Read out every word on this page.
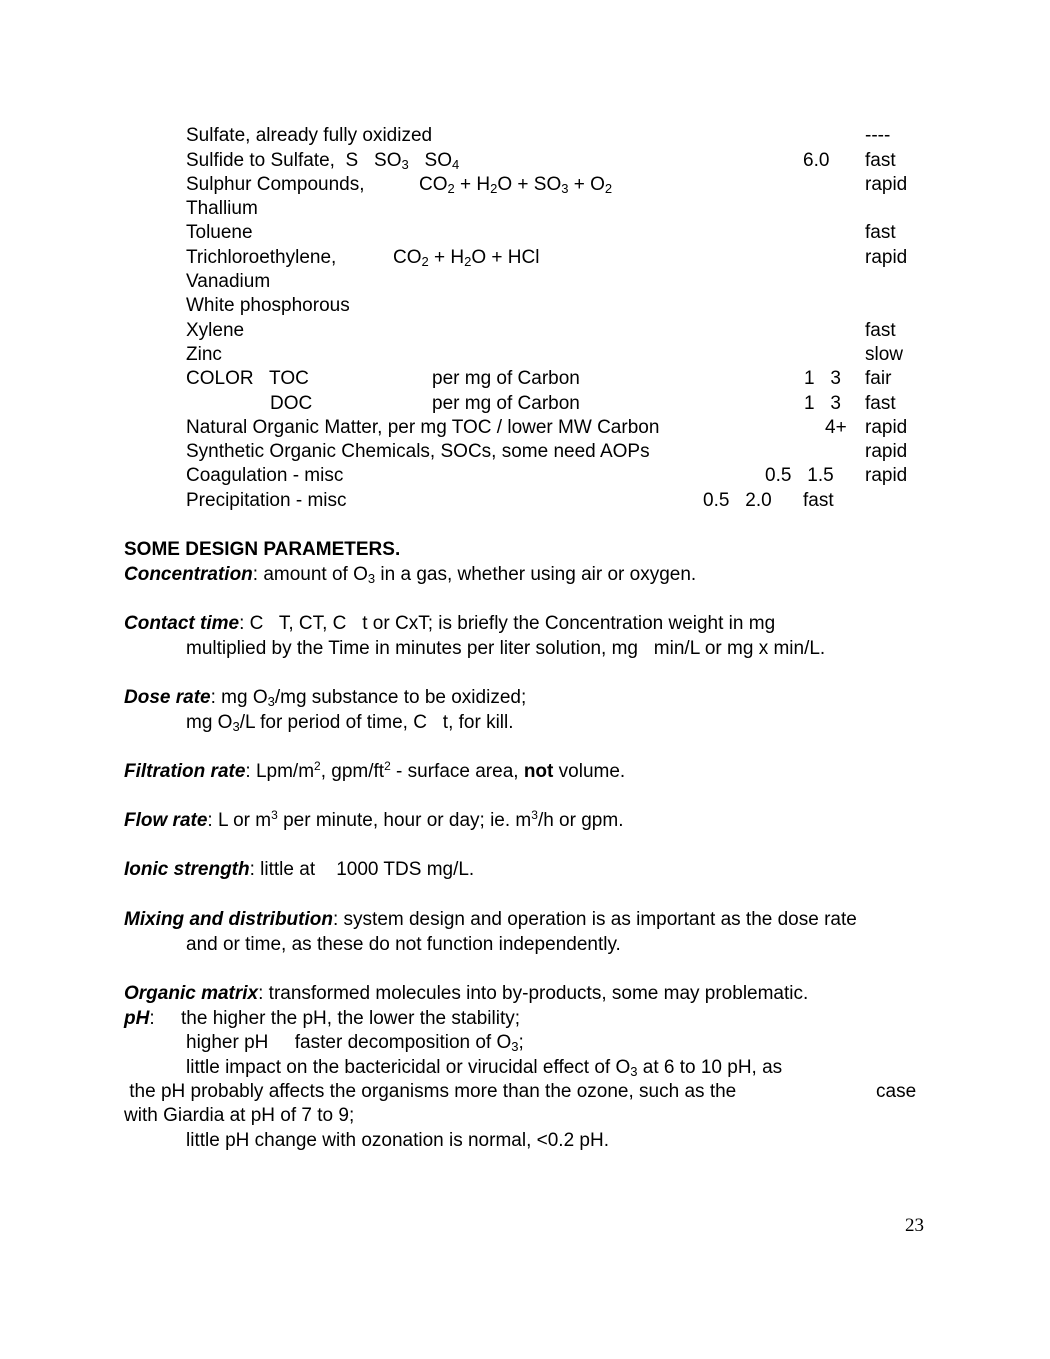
Sulfate, already fully oxidized	----
Sulfide to Sulfate,  S $SO_3$ $SO_4$	6.0 fast
Sulphur Compounds,	$CO_2 + H_2O + SO_3 + O_2$	rapid
Thallium
Toluene	fast
Trichloroethylene,	$CO_2 + H_2O$ + HCl	rapid
Vanadium
White phosphorous
Xylene	fast
Zinc	slow
COLOR   TOC	per mg of Carbon	1   3 fair
DOC	per mg of Carbon	1   3 fast
Natural Organic Matter, per mg TOC / lower MW Carbon	4+ rapid
Synthetic Organic Chemicals, SOCs, some need AOPs	rapid
Coagulation - misc	0.5   1.5 rapid
Precipitation - misc	0.5   2.0 fast
SOME DESIGN PARAMETERS.
Concentration: amount of $O_3$ in a gas, whether using air or oxygen.
Contact time: C   T, CT, C   t or CxT; is briefly the Concentration weight in mg
multiplied by the Time in minutes per liter solution, mg   min/L or mg x min/L.
Dose rate: mg $O_3/mg$ substance to be oxidized;
mg $O_3/L$ for period of time, C   t, for kill.
Filtration rate: Lpm/$m^2$, gpm/$ft^2$ - surface area, not volume.
Flow rate: L or $m^3$ per minute, hour or day; ie. $m^3/h$ or gpm.
Ionic strength: little at    1000 TDS mg/L.
Mixing and distribution: system design and operation is as important as the dose rate
and or time, as these do not function independently.
Organic matrix: transformed molecules into by-products, some may problematic.
pH:     the higher the pH, the lower the stability;
higher pH     faster decomposition of $O_3$;
little impact on the bactericidal or virucidal effect of $O_3$ at 6 to 10 pH, as
the pH probably affects the organisms more than the ozone, such as the	case
with Giardia at pH of 7 to 9;
little pH change with ozonation is normal, <0.2 pH.
23
